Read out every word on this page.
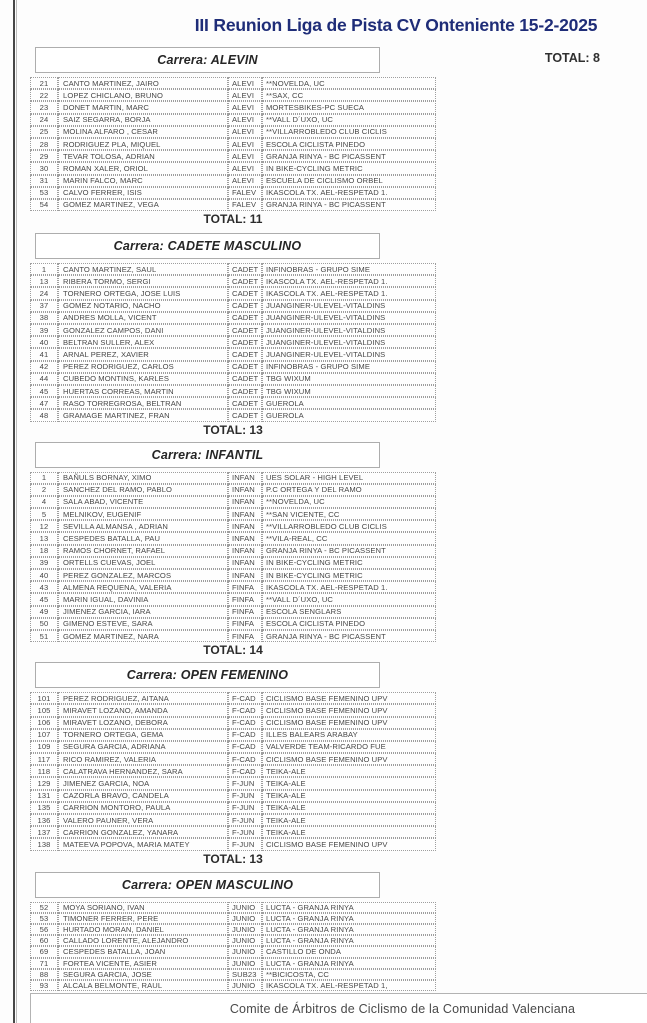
III Reunion Liga de Pista CV Onteniente 15-2-2025
TOTAL: 8
Carrera: ALEVIN
21	CANTO MARTINEZ, JAIRO	ALEVI	**NOVELDA, UC
22	LOPEZ CHICLANO, BRUNO	ALEVI	**SAX, CC
23	DONET MARTIN, MARC	ALEVI	MORTESBIKES-PC SUECA
24	SAIZ SEGARRA, BORJA	ALEVI	**VALL D´UXO, UC
25	MOLINA ALFARO , CESAR	ALEVI	**VILLARROBLEDO CLUB CICLIS
28	RODRIGUEZ PLA, MIQUEL	ALEVI	ESCOLA CICLISTA PINEDO
29	TEVAR TOLOSA, ADRIAN	ALEVI	GRANJA RINYA - BC PICASSENT
30	ROMAN XALER, ORIOL	ALEVI	IN BIKE-CYCLING METRIC
31	MARIN FALCO, MARC	ALEVI	ESCUELA DE CICLISMO ORBEL
53	CALVO FERRER, ISIS	FALEV	IKASCOLA TX. AEL-RESPETAD 1.
54	GOMEZ MARTINEZ, VEGA	FALEV	GRANJA RINYA - BC PICASSENT
TOTAL: 11
Carrera: CADETE MASCULINO
1	CANTO MARTINEZ, SAUL	CADET	INFINOBRAS - GRUPO SIME
13	RIBERA TORMO, SERGI	CADET	IKASCOLA TX. AEL-RESPETAD 1.
24	TORNERO ORTEGA, JOSE LUIS	CADET	IKASCOLA TX. AEL-RESPETAD 1.
37	GOMEZ NOTARIO, NACHO	CADET	JUANGINER-ULEVEL-VITALDINS
38	ANDRES MOLLA, VICENT	CADET	JUANGINER-ULEVEL-VITALDINS
39	GONZALEZ CAMPOS, DANI	CADET	JUANGINER-ULEVEL-VITALDINS
40	BELTRAN SULLER, ALEX	CADET	JUANGINER-ULEVEL-VITALDINS
41	ARNAL PEREZ, XAVIER	CADET	JUANGINER-ULEVEL-VITALDINS
42	PEREZ RODRIGUEZ, CARLOS	CADET	INFINOBRAS - GRUPO SIME
44	CUBEDO MONTINS, KARLES	CADET	TBG WIXUM
45	HUERTAS CORREAS, MARTIN	CADET	TBG WIXUM
47	RASO TORREGROSA, BELTRAN	CADET	GUEROLA
48	GRAMAGE MARTINEZ, FRAN	CADET	GUEROLA
TOTAL: 13
Carrera: INFANTIL
1	BAÑULS BORNAY, XIMO	INFAN	UES SOLAR - HIGH LEVEL
2	SANCHEZ DEL RAMO, PABLO	INFAN	P.C ORTEGA Y DEL RAMO
4	SALA ABAD, VICENTE	INFAN	**NOVELDA, UC
5	MELNIKOV, EUGENIF	INFAN	**SAN VICENTE, CC
12	SEVILLA ALMANSA , ADRIAN	INFAN	**VILLARROBLEDO CLUB CICLIS
13	CESPEDES BATALLA, PAU	INFAN	**VILA-REAL, CC
18	RAMOS CHORNET, RAFAEL	INFAN	GRANJA RINYA - BC PICASSENT
39	ORTELLS CUEVAS, JOEL	INFAN	IN BIKE-CYCLING METRIC
40	PEREZ GONZALEZ, MARCOS	INFAN	IN BIKE-CYCLING METRIC
43	ALMENA REQUENA, VALERIA	FINFA	IKASCOLA TX. AEL-RESPETAD 1.
45	MARIN IGUAL, DAVINIA	FINFA	**VALL D´UXO, UC
49	JIMENEZ GARCIA, IARA	FINFA	ESCOLA SENGLARS
50	GIMENO ESTEVE, SARA	FINFA	ESCOLA CICLISTA PINEDO
51	GOMEZ MARTINEZ, NARA	FINFA	GRANJA RINYA - BC PICASSENT
TOTAL: 14
Carrera: OPEN FEMENINO
101	PEREZ RODRIGUEZ, AITANA	F-CAD	CICLISMO BASE FEMENINO UPV
105	MIRAVET LOZANO, AMANDA	F-CAD	CICLISMO BASE FEMENINO UPV
106	MIRAVET LOZANO, DEBORA	F-CAD	CICLISMO BASE FEMENINO UPV
107	TORNERO ORTEGA, GEMA	F-CAD	ILLES BALEARS ARABAY
109	SEGURA GARCIA, ADRIANA	F-CAD	VALVERDE TEAM-RICARDO FUE
117	RICO RAMIREZ, VALERIA	F-CAD	CICLISMO BASE FEMENINO UPV
118	CALATRAVA HERNANDEZ, SARA	F-CAD	TEIKA-ALE
129	JIMENEZ GARCIA, NOA	F-JUN	TEIKA-ALE
131	CAZORLA BRAVO, CANDELA	F-JUN	TEIKA-ALE
135	CARRION MONTORO, PAULA	F-JUN	TEIKA-ALE
136	VALERO PAUNER, VERA	F-JUN	TEIKA-ALE
137	CARRION GONZALEZ, YANARA	F-JUN	TEIKA-ALE
138	MATEEVA POPOVA, MARIA MATEY	F-JUN	CICLISMO BASE FEMENINO UPV
TOTAL: 13
Carrera: OPEN MASCULINO
52	MOYA SORIANO, IVAN	JUNIO	LUCTA - GRANJA RINYA
53	TIMONER FERRER, PERE	JUNIO	LUCTA - GRANJA RINYA
56	HURTADO MORAN, DANIEL	JUNIO	LUCTA - GRANJA RINYA
60	CALLADO LORENTE, ALEJANDRO	JUNIO	LUCTA - GRANJA RINYA
69	CESPEDES BATALLA, JOAN	JUNIO	CASTILLO DE ONDA
71	FORTEA VICENTE, ASIER	JUNIO	LUCTA - GRANJA RINYA
88	SEGURA GARCIA, JOSE	SUB23	**BICICOSTA, CC
93	ALCALA BELMONTE, RAUL	JUNIO	IKASCOLA TX. AEL-RESPETAD 1,
Comite de Árbitros de Ciclismo de la Comunidad Valenciana
